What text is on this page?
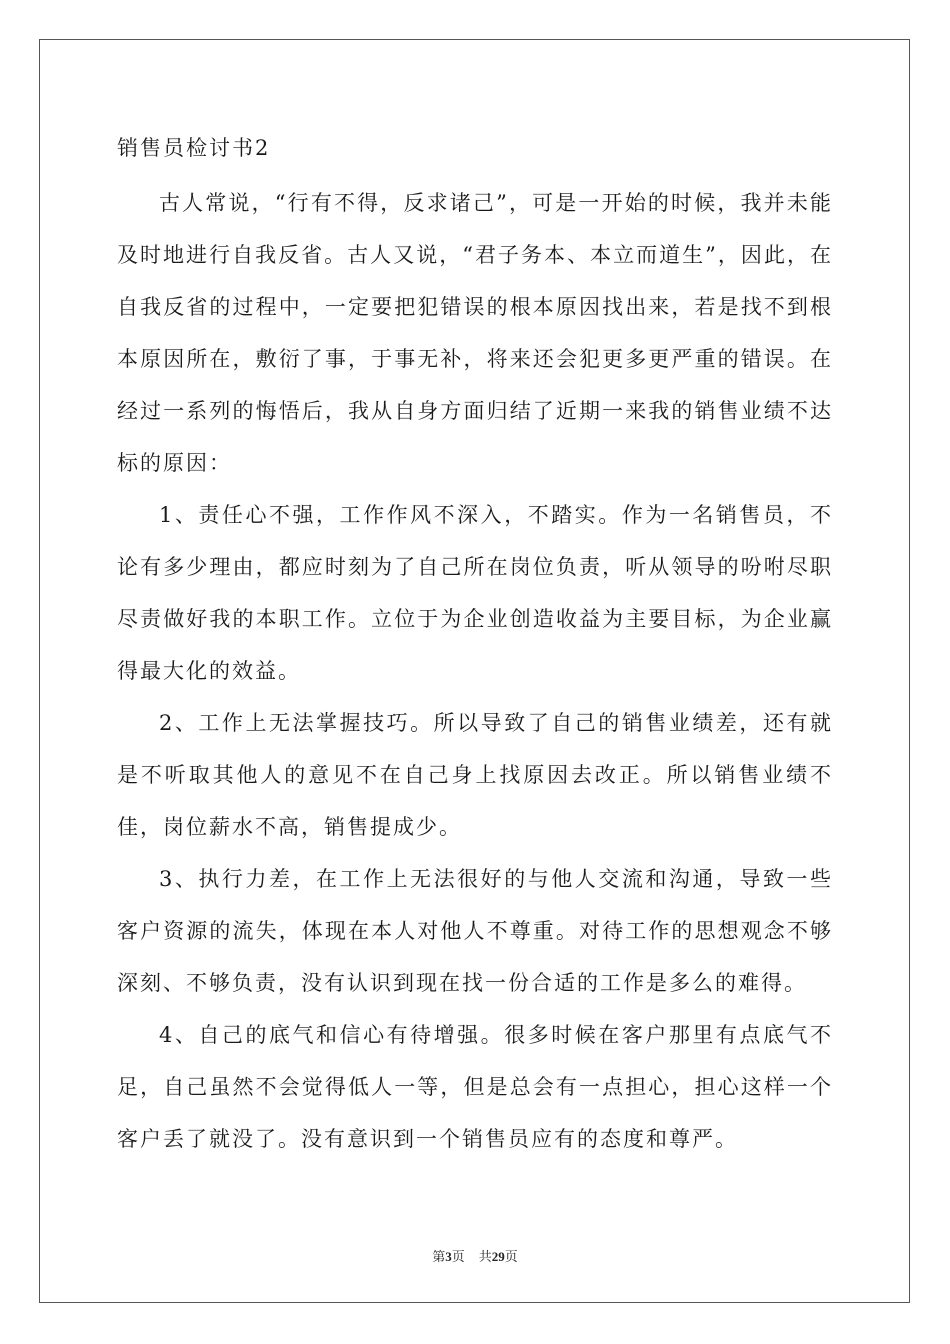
销售员检讨书2

古人常说，“行有不得，反求诸己”，可是一开始的时候，我并未能及时地进行自我反省。古人又说，“君子务本、本立而道生”，因此，在自我反省的过程中，一定要把犯错误的根本原因找出来，若是找不到根本原因所在，敷衍了事，于事无补，将来还会犯更多更严重的错误。在经过一系列的悔悟后，我从自身方面归结了近期一来我的销售业绩不达标的原因：

1、责任心不强，工作作风不深入，不踏实。作为一名销售员，不论有多少理由，都应时刻为了自己所在岗位负责，听从领导的吩咐尽职尽责做好我的本职工作。立位于为企业创造收益为主要目标，为企业赢得最大化的效益。

2、工作上无法掌握技巧。所以导致了自己的销售业绩差，还有就是不听取其他人的意见不在自己身上找原因去改正。所以销售业绩不佳，岗位薪水不高，销售提成少。

3、执行力差，在工作上无法很好的与他人交流和沟通，导致一些客户资源的流失，体现在本人对他人不尊重。对待工作的思想观念不够深刻、不够负责，没有认识到现在找一份合适的工作是多么的难得。

4、自己的底气和信心有待增强。很多时候在客户那里有点底气不足，自己虽然不会觉得低人一等，但是总会有一点担心，担心这样一个客户丢了就没了。没有意识到一个销售员应有的态度和尊严。

第3页 共29页
